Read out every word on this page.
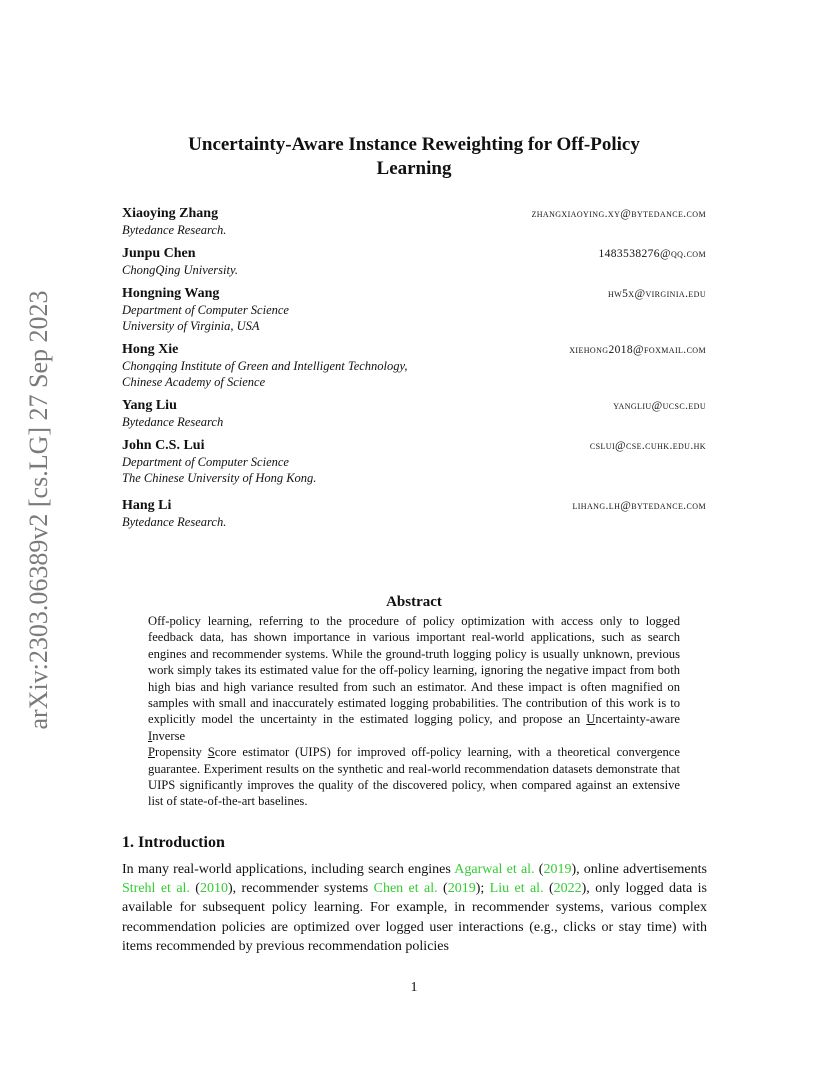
arXiv:2303.06389v2 [cs.LG] 27 Sep 2023
Uncertainty-Aware Instance Reweighting for Off-Policy
Learning
Xiaoying Zhang	zhangxiaoying.xy@bytedance.com
Bytedance Research.
Junpu Chen	1483538276@qq.com
ChongQing University.
Hongning Wang	hw5x@virginia.edu
Department of Computer Science
University of Virginia, USA
Hong Xie	xiehong2018@foxmail.com
Chongqing Institute of Green and Intelligent Technology,
Chinese Academy of Science
Yang Liu	yangliu@ucsc.edu
Bytedance Research
John C.S. Lui	cslui@cse.cuhk.edu.hk
Department of Computer Science
The Chinese University of Hong Kong.
Hang Li	lihang.lh@bytedance.com
Bytedance Research.
Abstract
Off-policy learning, referring to the procedure of policy optimization with access only to logged feedback data, has shown importance in various important real-world applications, such as search engines and recommender systems. While the ground-truth logging policy is usually unknown, previous work simply takes its estimated value for the off-policy learning, ignoring the negative impact from both high bias and high variance resulted from such an estimator. And these impact is often magnified on samples with small and inaccurately estimated logging probabilities. The contribution of this work is to explicitly model the uncertainty in the estimated logging policy, and propose an Uncertainty-aware Inverse
Propensity Score estimator (UIPS) for improved off-policy learning, with a theoretical convergence guarantee. Experiment results on the synthetic and real-world recommendation datasets demonstrate that UIPS significantly improves the quality of the discovered policy, when compared against an extensive list of state-of-the-art baselines.
1. Introduction
In many real-world applications, including search engines Agarwal et al. (2019), online advertisements Strehl et al. (2010), recommender systems Chen et al. (2019); Liu et al. (2022), only logged data is available for subsequent policy learning. For example, in recommender systems, various complex recommendation policies are optimized over logged user interactions (e.g., clicks or stay time) with items recommended by previous recommendation policies
1
